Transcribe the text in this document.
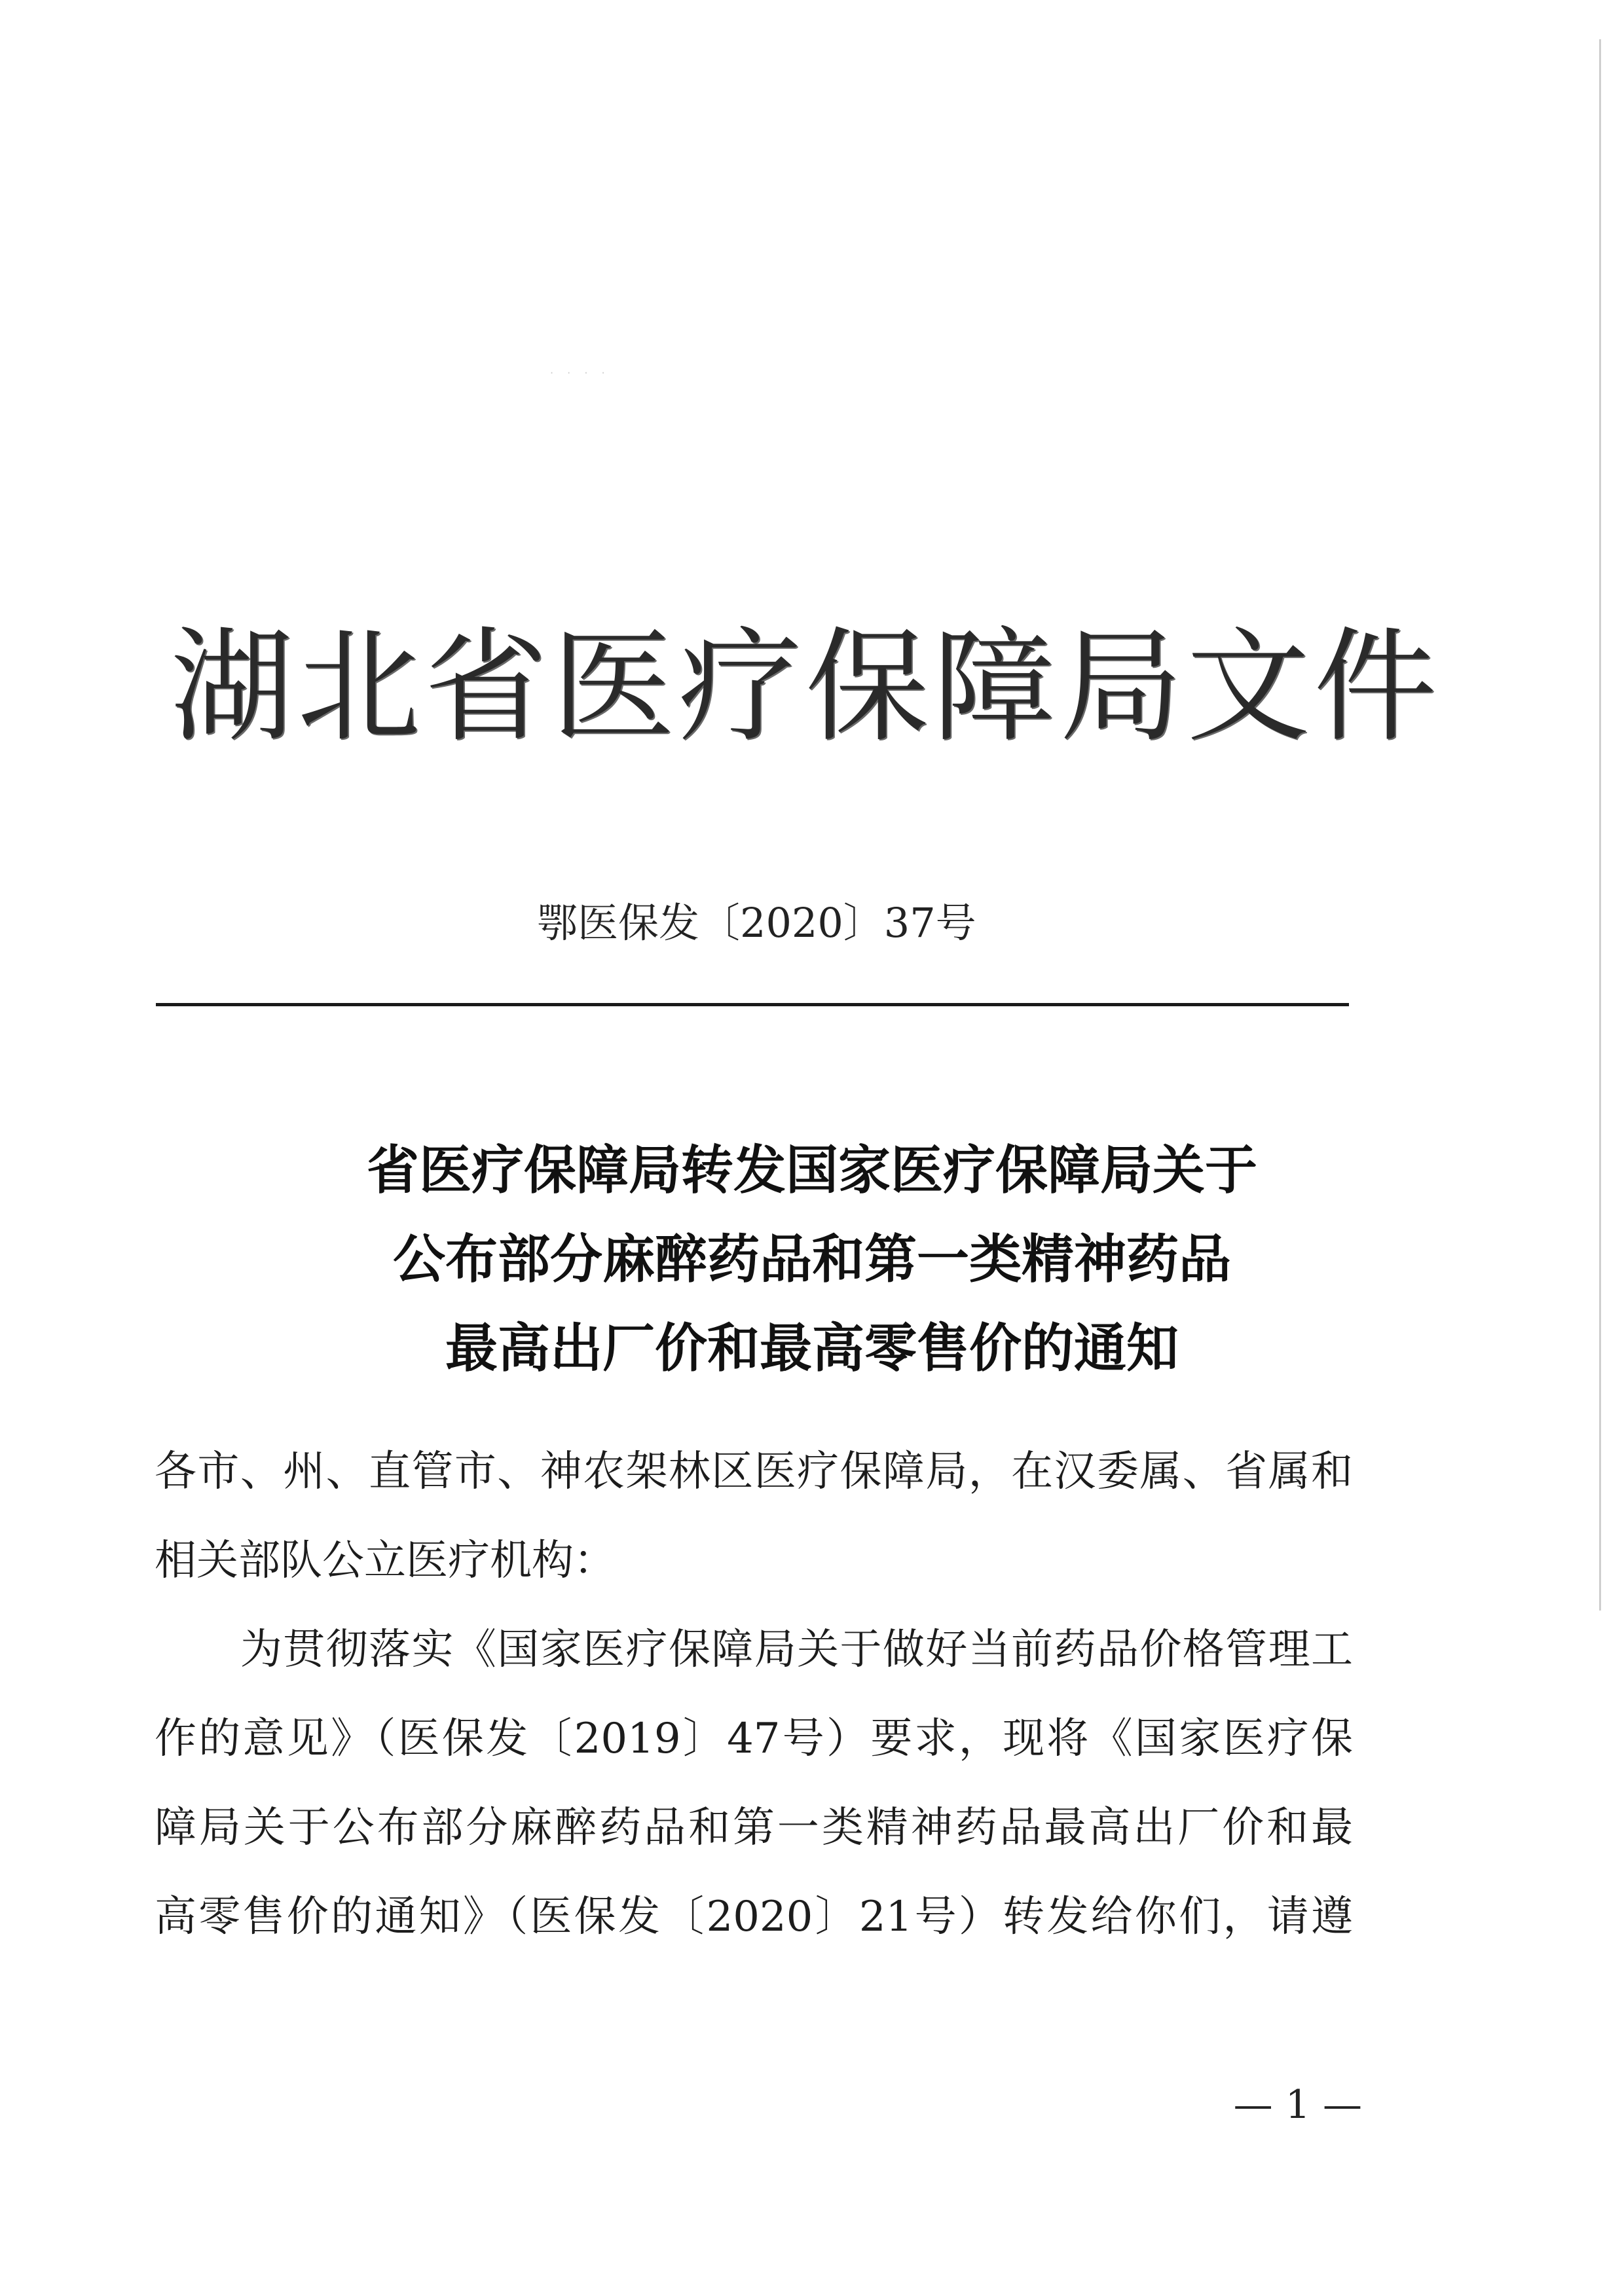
· · · ·
湖北省医疗保障局文件
鄂医保发〔2020〕37号
省医疗保障局转发国家医疗保障局关于
公布部分麻醉药品和第一类精神药品
最高出厂价和最高零售价的通知
各市、州、直管市、神农架林区医疗保障局，在汉委属、省属和
相关部队公立医疗机构：
　　为贯彻落实《国家医疗保障局关于做好当前药品价格管理工
作的意见》（医保发〔2019〕47号）要求，现将《国家医疗保
障局关于公布部分麻醉药品和第一类精神药品最高出厂价和最
高零售价的通知》（医保发〔2020〕21号）转发给你们，请遵
— 1 —
